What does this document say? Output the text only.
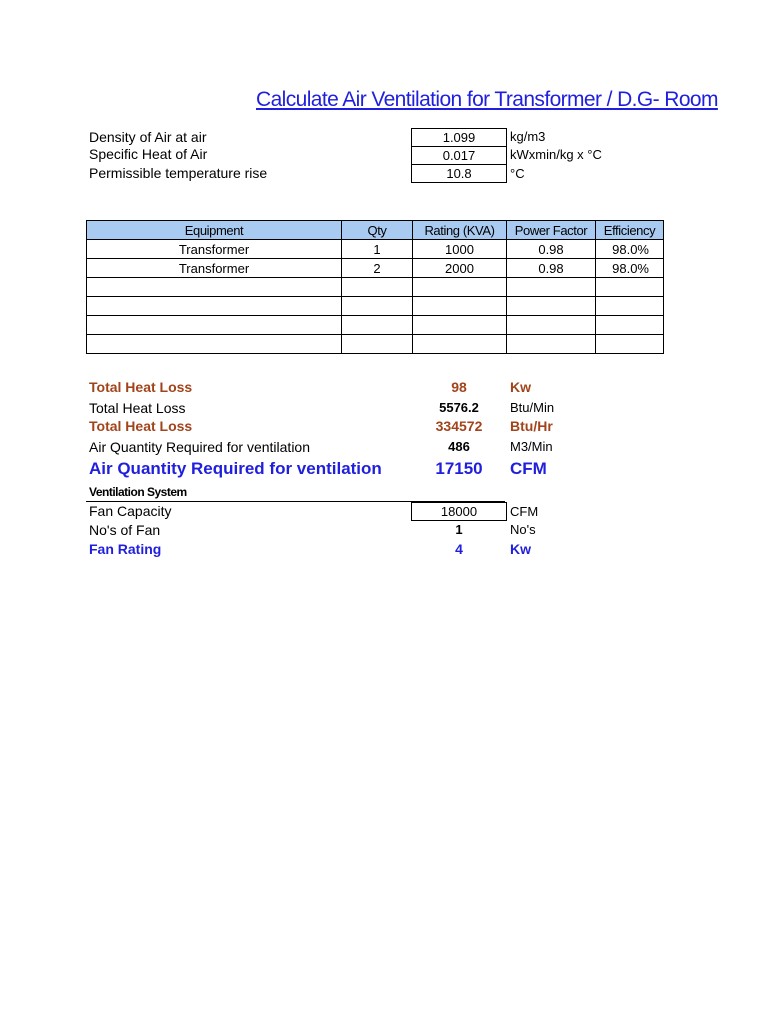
Calculate Air Ventilation for Transformer / D.G- Room
Density of Air at air	1.099	kg/m3
Specific Heat of Air	0.017	kWxmin/kg x °C
Permissible temperature rise	10.8	°C
Equipment	Qty	Rating (KVA)	Power Factor	Efficiency
Transformer	1	1000	0.98	98.0%
Transformer	2	2000	0.98	98.0%

Total Heat Loss	98	Kw
Total Heat Loss	5576.2	Btu/Min
Total Heat Loss	334572	Btu/Hr
Air Quantity Required for ventilation	486	M3/Min
Air Quantity Required for ventilation	17150	CFM
Ventilation System
Fan Capacity	18000	CFM
No's of Fan	1	No's
Fan Rating	4	Kw
